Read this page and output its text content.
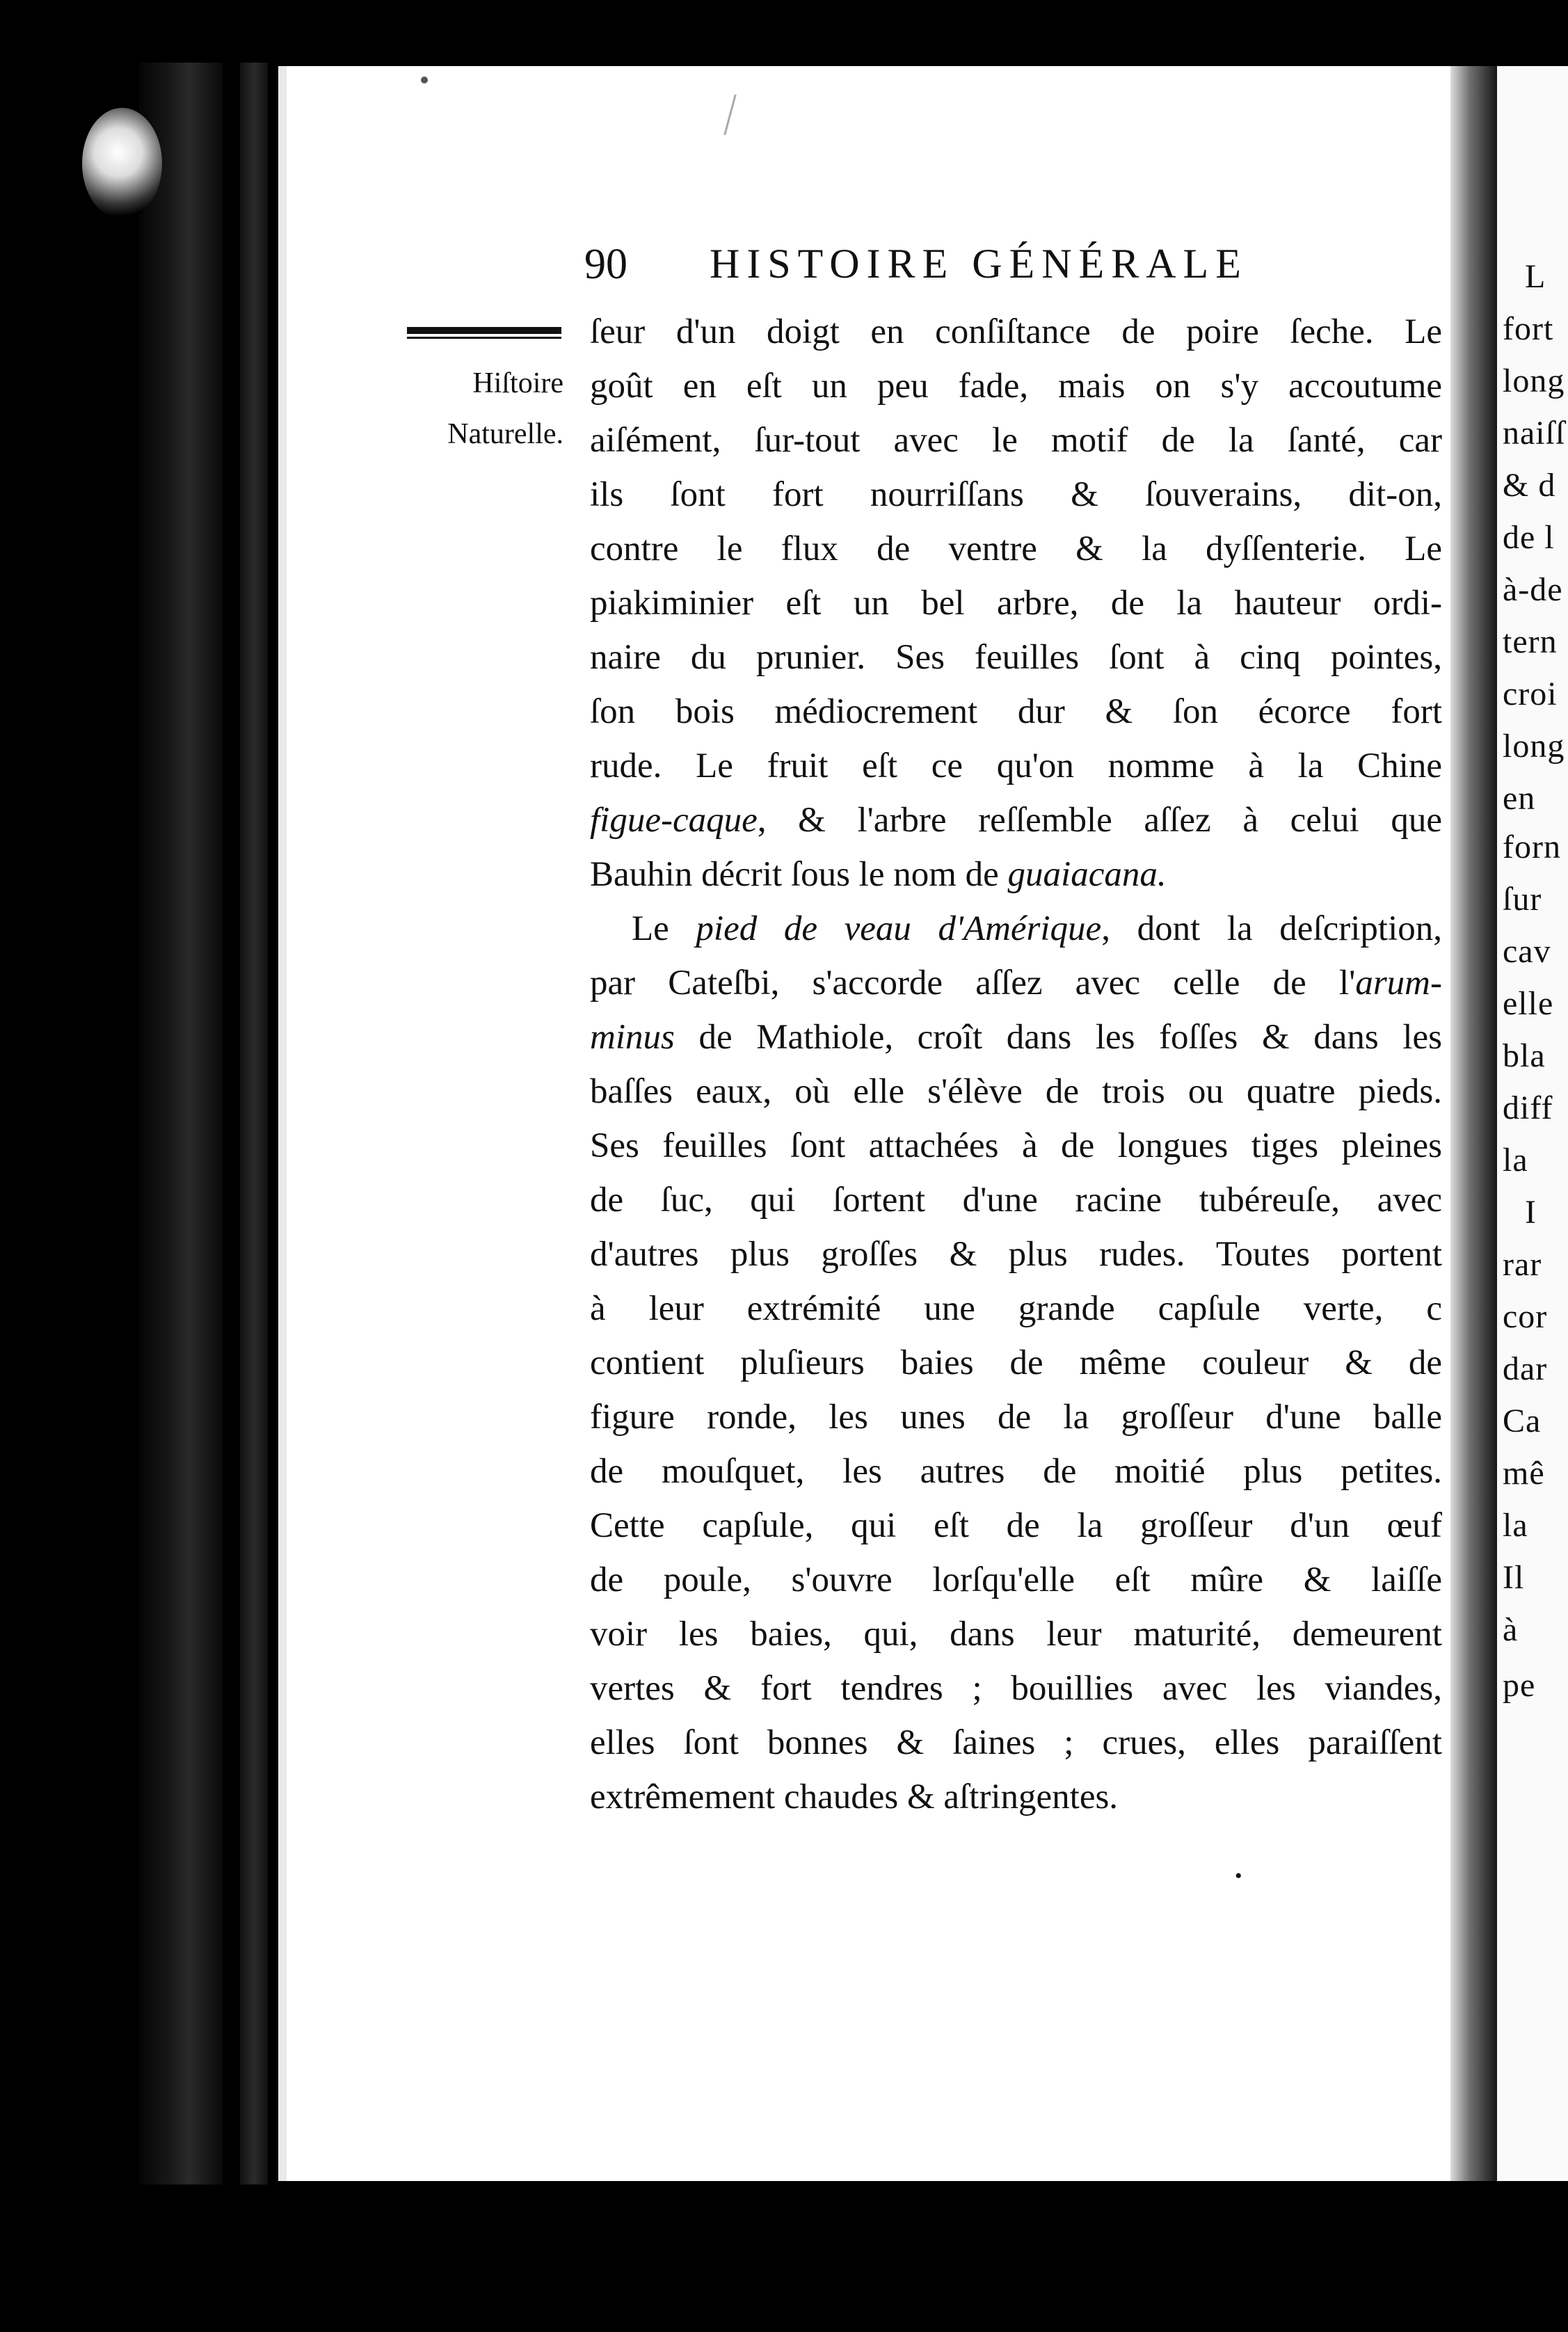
L
fort
long
naiſſ
& d
de l
à-de
tern
croi
long
en
forn
ſur
cav
elle
bla
diff
la
I
rar
cor
dar
Ca
mê
la
Il
à
pe
90 HISTOIRE GÉNÉRALE
Hiſtoire
Naturelle.
ſeur d'un doigt en conſiſtance de poire ſeche. Le
goût en eſt un peu fade, mais on s'y accoutume
aiſément, ſur-tout avec le motif de la ſanté, car
ils ſont fort nourriſſans & ſouverains, dit-on,
contre le flux de ventre & la dyſſenterie. Le
piakiminier eſt un bel arbre, de la hauteur ordi-
naire du prunier. Ses feuilles ſont à cinq pointes,
ſon bois médiocrement dur & ſon écorce fort
rude. Le fruit eſt ce qu'on nomme à la Chine
figue-caque, & l'arbre reſſemble aſſez à celui que
Bauhin décrit ſous le nom de guaiacana.
Le pied de veau d'Amérique, dont la deſcription,
par Cateſbi, s'accorde aſſez avec celle de l'arum-
minus de Mathiole, croît dans les foſſes & dans les
baſſes eaux, où elle s'élève de trois ou quatre pieds.
Ses feuilles ſont attachées à de longues tiges pleines
de ſuc, qui ſortent d'une racine tubéreuſe, avec
d'autres plus groſſes & plus rudes. Toutes portent
à leur extrémité une grande capſule verte, c
contient pluſieurs baies de même couleur & de
figure ronde, les unes de la groſſeur d'une balle
de mouſquet, les autres de moitié plus petites.
Cette capſule, qui eſt de la groſſeur d'un œuf
de poule, s'ouvre lorſqu'elle eſt mûre & laiſſe
voir les baies, qui, dans leur maturité, demeurent
vertes & fort tendres ; bouillies avec les viandes,
elles ſont bonnes & ſaines ; crues, elles paraiſſent
extrêmement chaudes & aſtringentes.
•
